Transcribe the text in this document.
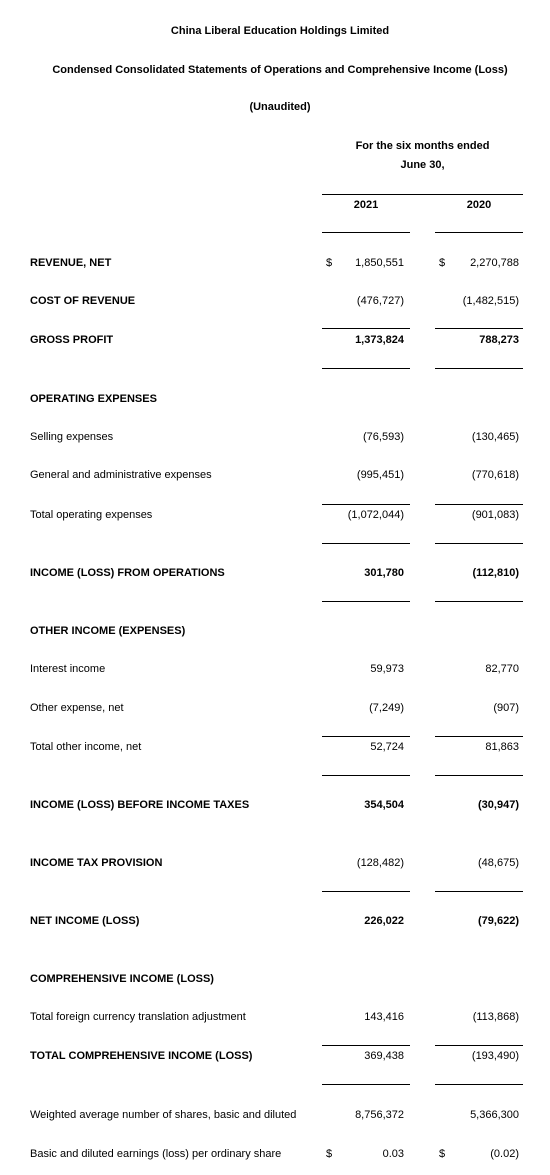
China Liberal Education Holdings Limited
Condensed Consolidated Statements of Operations and Comprehensive Income (Loss)
(Unaudited)
For the six months ended
June 30,
2021	2020
REVENUE, NET	$ 1,850,551	$ 2,270,788
COST OF REVENUE	(476,727)	(1,482,515)
GROSS PROFIT	1,373,824	788,273
OPERATING EXPENSES
Selling expenses	(76,593)	(130,465)
General and administrative expenses	(995,451)	(770,618)
Total operating expenses	(1,072,044)	(901,083)
INCOME (LOSS) FROM OPERATIONS	301,780	(112,810)
OTHER INCOME (EXPENSES)
Interest income	59,973	82,770
Other expense, net	(7,249)	(907)
Total other income, net	52,724	81,863
INCOME (LOSS) BEFORE INCOME TAXES	354,504	(30,947)
INCOME TAX PROVISION	(128,482)	(48,675)
NET INCOME (LOSS)	226,022	(79,622)
COMPREHENSIVE INCOME (LOSS)
Total foreign currency translation adjustment	143,416	(113,868)
TOTAL COMPREHENSIVE INCOME (LOSS)	369,438	(193,490)
Weighted average number of shares, basic and diluted	8,756,372	5,366,300
Basic and diluted earnings (loss) per ordinary share	$	0.03	$	(0.02)
